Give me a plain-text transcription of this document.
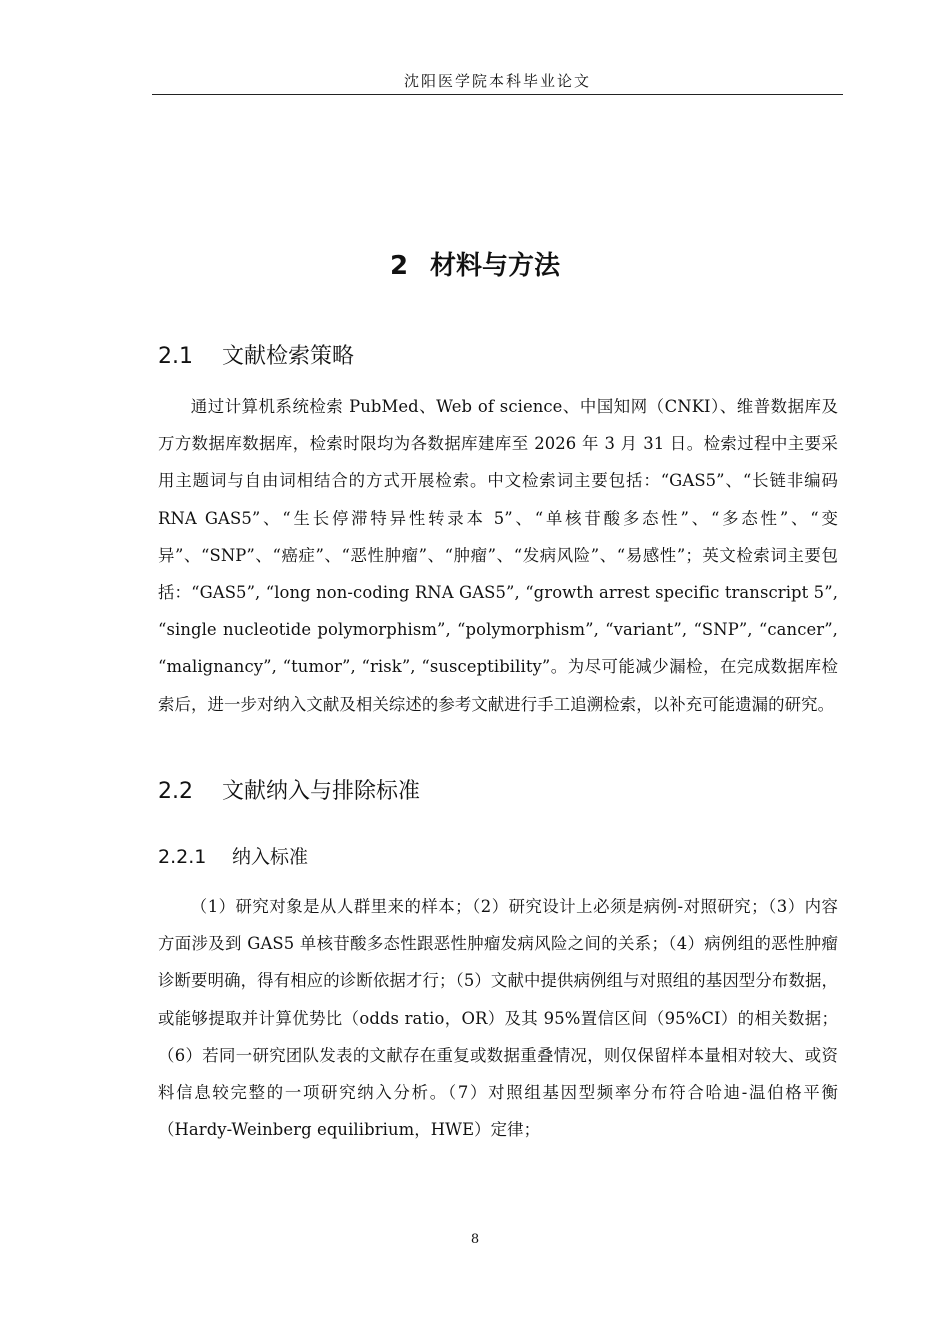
沈阳医学院本科毕业论文
2 材料与方法
2.1 文献检索策略

通过计算机系统检索 PubMed、Web of science、中国知网（CNKI）、维普数据库及万方数据库数据库，检索时限均为各数据库建库至 2026 年 3 月 31 日。检索过程中主要采用主题词与自由词相结合的方式开展检索。中文检索词主要包括：“GAS5”、“长链非编码 RNA GAS5”、“生长停滞特异性转录本 5”、“单核苷酸多态性”、“多态性”、“变异”、“SNP”、“癌症”、“恶性肿瘤”、“肿瘤”、“发病风险”、“易感性”；英文检索词主要包括：“GAS5”, “long non-coding RNA GAS5”, “growth arrest specific transcript 5”, “single nucleotide polymorphism”, “polymorphism”, “variant”, “SNP”, “cancer”, “malignancy”, “tumor”, “risk”, “susceptibility”。为尽可能减少漏检，在完成数据库检索后，进一步对纳入文献及相关综述的参考文献进行手工追溯检索，以补充可能遗漏的研究。

2.2 文献纳入与排除标准
2.2.1 纳入标准

（1）研究对象是从人群里来的样本；（2）研究设计上必须是病例-对照研究；（3）内容方面涉及到 GAS5 单核苷酸多态性跟恶性肿瘤发病风险之间的关系；（4）病例组的恶性肿瘤诊断要明确，得有相应的诊断依据才行；（5）文献中提供病例组与对照组的基因型分布数据，或能够提取并计算优势比（odds ratio，OR）及其 95%置信区间（95%CI）的相关数据；（6）若同一研究团队发表的文献存在重复或数据重叠情况，则仅保留样本量相对较大、或资料信息较完整的一项研究纳入分析。（7）对照组基因型频率分布符合哈迪-温伯格平衡（Hardy-Weinberg equilibrium，HWE）定律；

8
